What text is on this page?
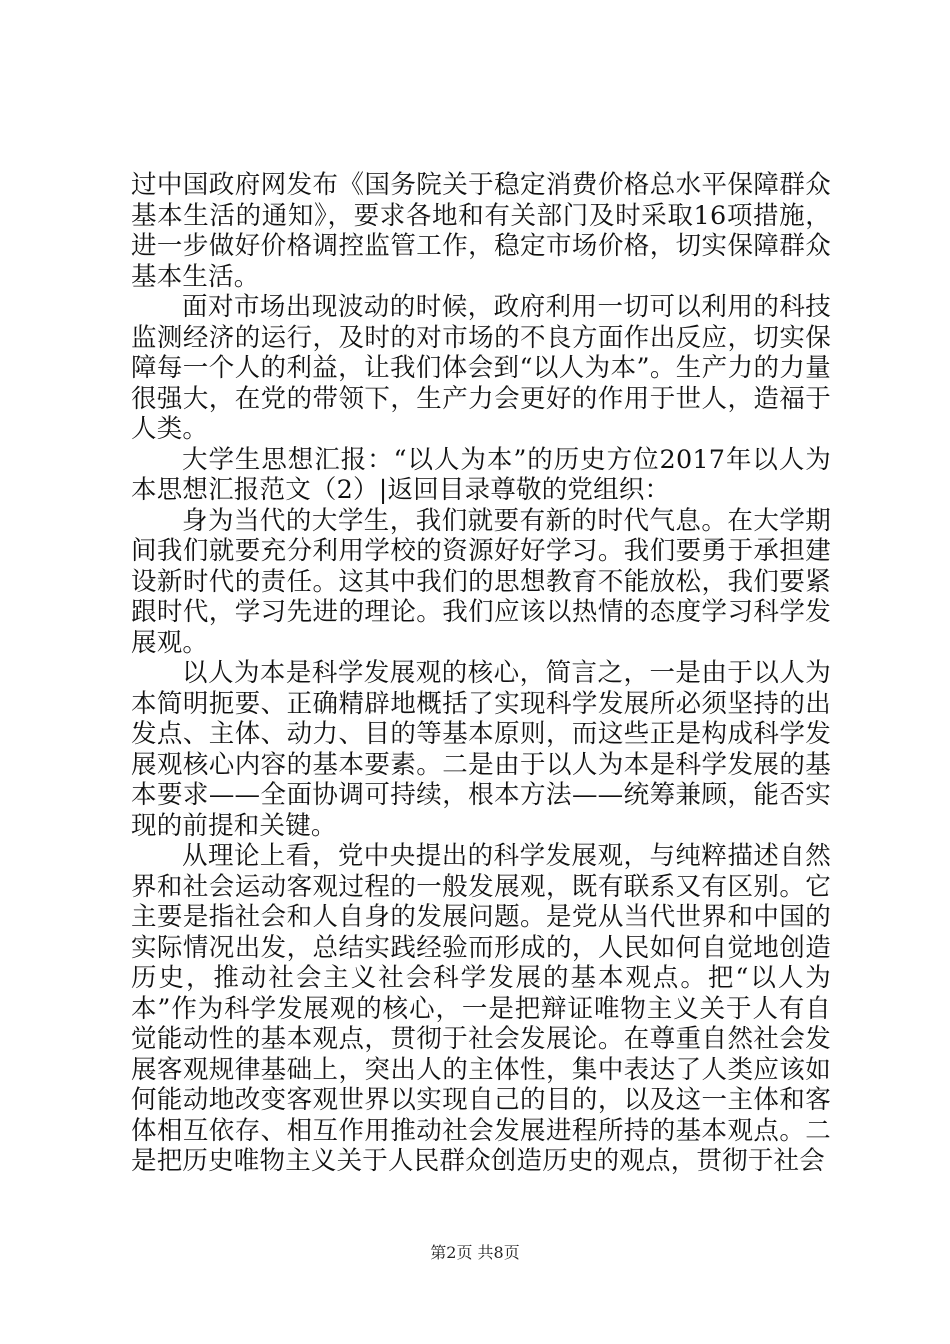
过中国政府网发布《国务院关于稳定消费价格总水平保障群众基本生活的通知》，要求各地和有关部门及时采取16项措施，进一步做好价格调控监管工作，稳定市场价格，切实保障群众基本生活。

面对市场出现波动的时候，政府利用一切可以利用的科技监测经济的运行，及时的对市场的不良方面作出反应，切实保障每一个人的利益，让我们体会到“以人为本”。生产力的力量很强大，在党的带领下，生产力会更好的作用于世人，造福于人类。

大学生思想汇报：“以人为本”的历史方位2017年以人为本思想汇报范文（2）|返回目录尊敬的党组织：

身为当代的大学生，我们就要有新的时代气息。在大学期间我们就要充分利用学校的资源好好学习。我们要勇于承担建设新时代的责任。这其中我们的思想教育不能放松，我们要紧跟时代，学习先进的理论。我们应该以热情的态度学习科学发展观。

以人为本是科学发展观的核心，简言之，一是由于以人为本简明扼要、正确精辟地概括了实现科学发展所必须坚持的出发点、主体、动力、目的等基本原则，而这些正是构成科学发展观核心内容的基本要素。二是由于以人为本是科学发展的基本要求——全面协调可持续，根本方法——统筹兼顾，能否实现的前提和关键。

从理论上看，党中央提出的科学发展观，与纯粹描述自然界和社会运动客观过程的一般发展观，既有联系又有区别。它主要是指社会和人自身的发展问题。是党从当代世界和中国的实际情况出发，总结实践经验而形成的，人民如何自觉地创造历史，推动社会主义社会科学发展的基本观点。把“以人为本”作为科学发展观的核心，一是把辩证唯物主义关于人有自觉能动性的基本观点，贯彻于社会发展论。在尊重自然社会发展客观规律基础上，突出人的主体性，集中表达了人类应该如何能动地改变客观世界以实现自己的目的，以及这一主体和客体相互依存、相互作用推动社会发展进程所持的基本观点。二是把历史唯物主义关于人民群众创造历史的观点，贯彻于社会

第2页 共8页
